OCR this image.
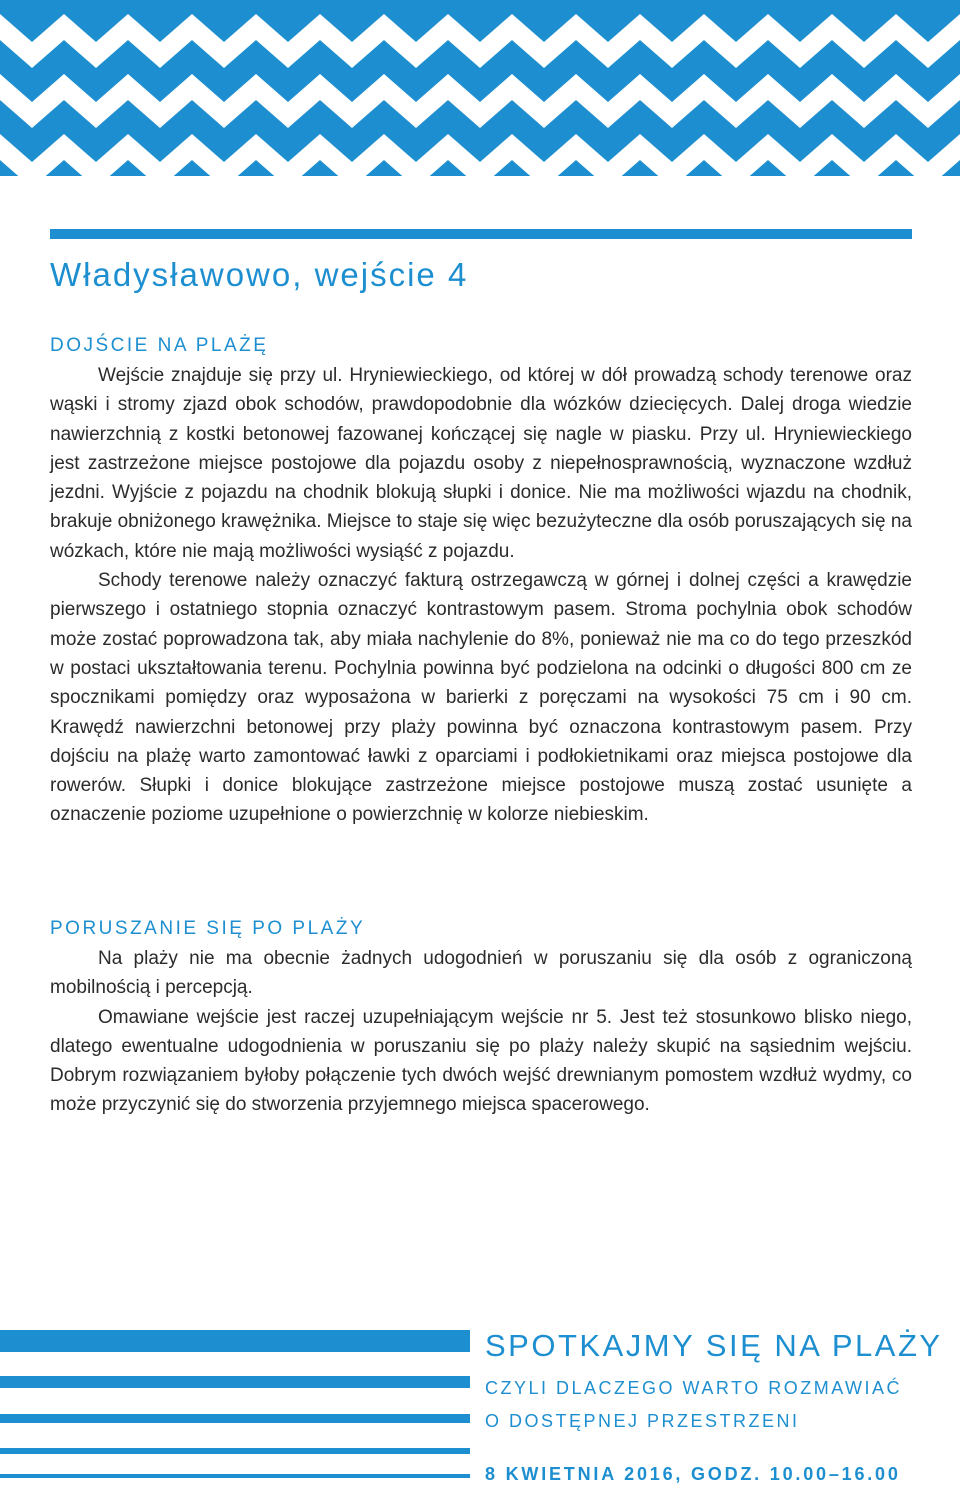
Władysławowo, wejście 4
DOJŚCIE NA PLAŻĘ

Wejście znajduje się przy ul. Hryniewieckiego, od której w dół prowadzą schody terenowe oraz wąski i stromy zjazd obok schodów, prawdopodobnie dla wózków dziecięcych. Dalej droga wiedzie nawierzchnią z kostki betonowej fazowanej kończącej się nagle w piasku. Przy ul. Hryniewieckiego jest zastrzeżone miejsce postojowe dla pojazdu osoby z niepełnosprawnością, wyznaczone wzdłuż jezdni. Wyjście z pojazdu na chodnik blokują słupki i donice. Nie ma możliwości wjazdu na chodnik, brakuje obniżonego krawężnika. Miejsce to staje się więc bezużyteczne dla osób poruszających się na wózkach, które nie mają możliwości wysiąść z pojazdu.

Schody terenowe należy oznaczyć fakturą ostrzegawczą w górnej i dolnej części a krawędzie pierwszego i ostatniego stopnia oznaczyć kontrastowym pasem. Stroma pochylnia obok schodów może zostać poprowadzona tak, aby miała nachylenie do 8%, ponieważ nie ma co do tego przeszkód w postaci ukształtowania terenu. Pochylnia powinna być podzielona na odcinki o długości 800 cm ze spocznikami pomiędzy oraz wyposażona w barierki z poręczami na wysokości 75 cm i 90 cm. Krawędź nawierzchni betonowej przy plaży powinna być oznaczona kontrastowym pasem. Przy dojściu na plażę warto zamontować ławki z oparciami i podłokietnikami oraz miejsca postojowe dla rowerów. Słupki i donice blokujące zastrzeżone miejsce postojowe muszą zostać usunięte a oznaczenie poziome uzupełnione o powierzchnię w kolorze niebieskim.

PORUSZANIE SIĘ PO PLAŻY

Na plaży nie ma obecnie żadnych udogodnień w poruszaniu się dla osób z ograniczoną mobilnością i percepcją.

Omawiane wejście jest raczej uzupełniającym wejście nr 5. Jest też stosunkowo blisko niego, dlatego ewentualne udogodnienia w poruszaniu się po plaży należy skupić na sąsiednim wejściu. Dobrym rozwiązaniem byłoby połączenie tych dwóch wejść drewnianym pomostem wzdłuż wydmy, co może przyczynić się do stworzenia przyjemnego miejsca spacerowego.

SPOTKAJMY SIĘ NA PLAŻY
CZYLI DLACZEGO WARTO ROZMAWIAĆ
O DOSTĘPNEJ PRZESTRZENI
8 KWIETNIA 2016, GODZ. 10.00–16.00
